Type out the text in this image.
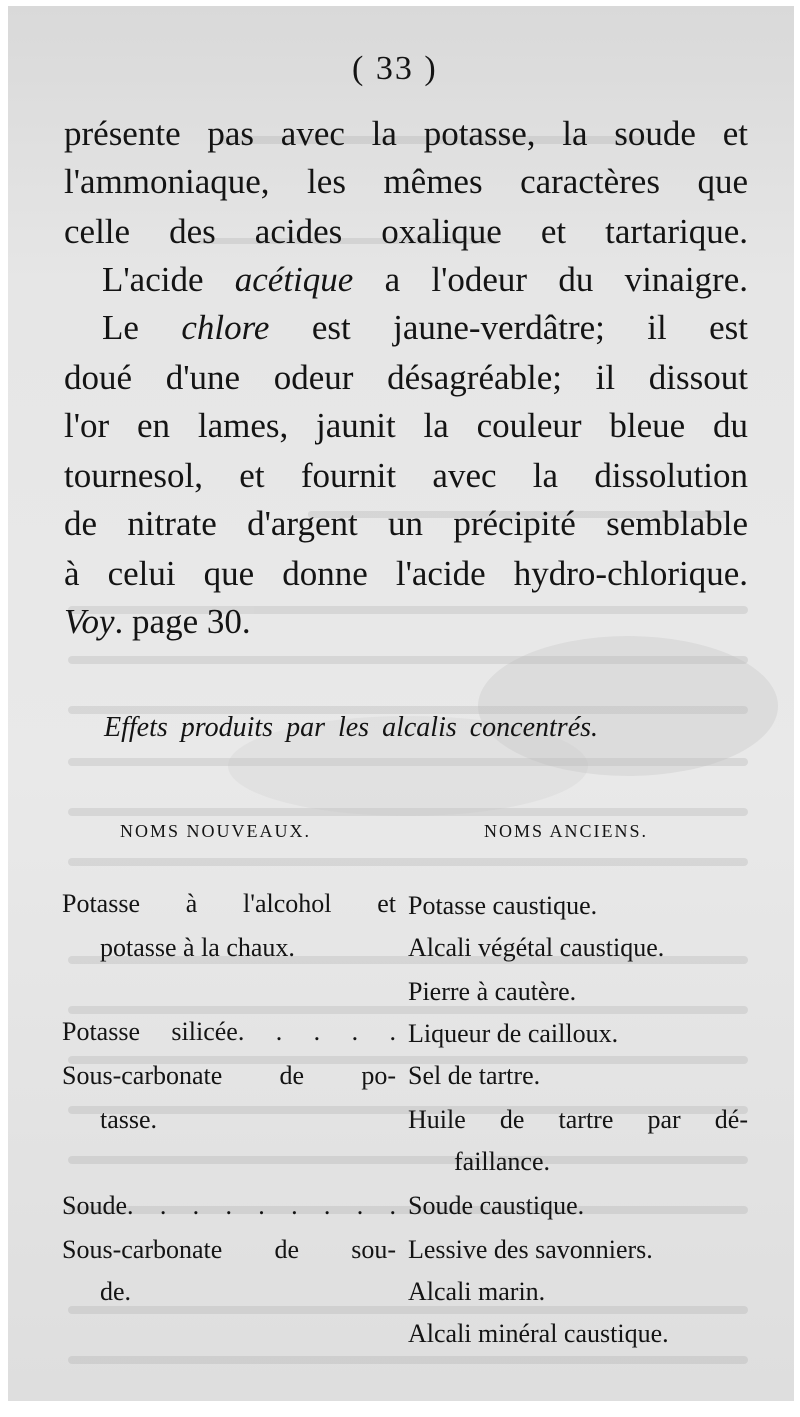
( 33 )
présente pas avec la potasse, la soude et
l'ammoniaque, les mêmes caractères que
celle des acides oxalique et tartarique.
L'acide acétique a l'odeur du vinaigre.
Le chlore est jaune-verdâtre; il est
doué d'une odeur désagréable; il dissout
l'or en lames, jaunit la couleur bleue du
tournesol, et fournit avec la dissolution
de nitrate d'argent un précipité semblable
à celui que donne l'acide hydro-chlorique.
Voy. page 30.
Effets produits par les alcalis concentrés.
NOMS NOUVEAUX.	NOMS ANCIENS.
Potasse à l'alcohol et
potasse à la chaux.
Potasse silicée. . . . .
Sous-carbonate de po-
tasse.
Soude. . . . . . . . .
Sous-carbonate de sou-
de.
Potasse caustique.
Alcali végétal caustique.
Pierre à cautère.
Liqueur de cailloux.
Sel de tartre.
Huile de tartre par dé-
faillance.
Soude caustique.
Lessive des savonniers.
Alcali marin.
Alcali minéral caustique.
